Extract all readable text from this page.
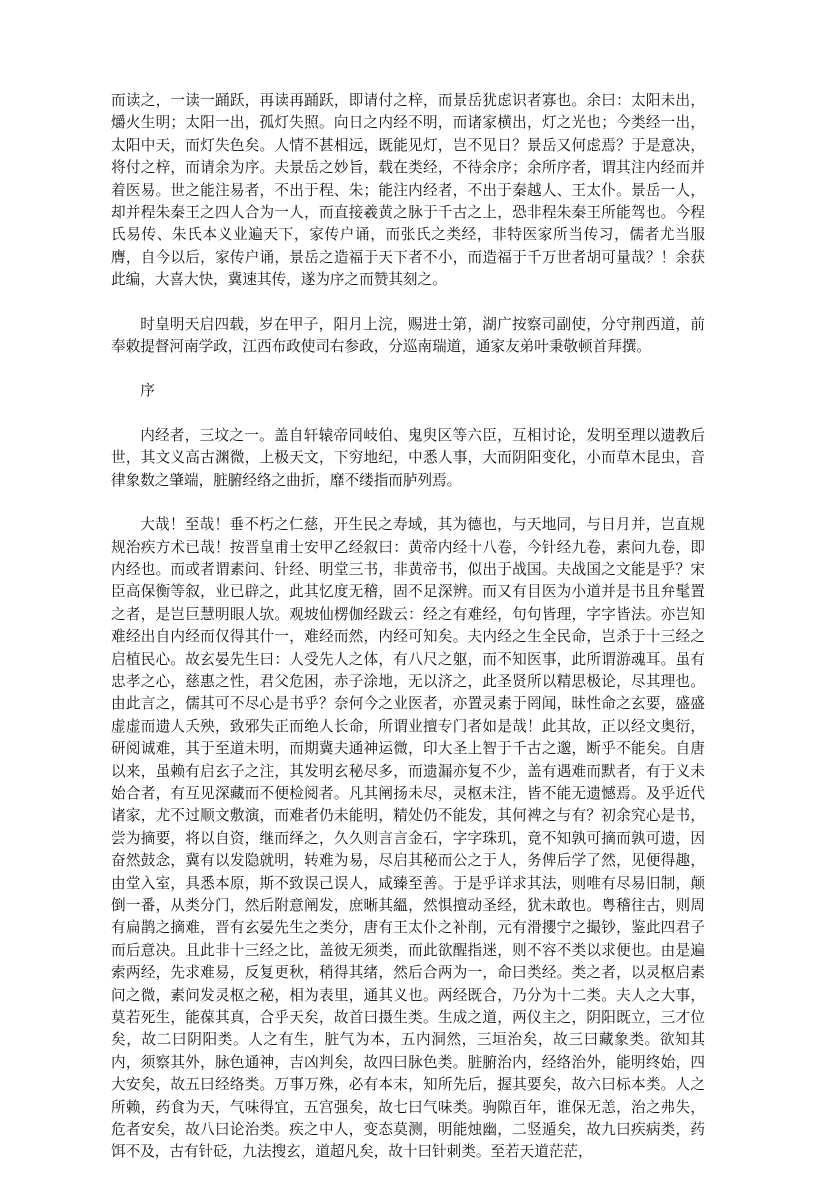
而读之，一读一踊跃，再读再踊跃，即请付之梓，而景岳犹虑识者寡也。余曰：太阳未出，爝火生明；太阳一出，孤灯失照。向日之内经不明，而诸家横出，灯之光也；今类经一出，太阳中天，而灯失色矣。人情不甚相远，既能见灯，岂不见日？景岳又何虑焉？于是意决，将付之梓，而请余为序。夫景岳之妙旨，载在类经，不待余序；余所序者，谓其注内经而并着医易。世之能注易者，不出于程、朱；能注内经者，不出于秦越人、王太仆。景岳一人，却并程朱秦王之四人合为一人，而直接羲黄之脉于千古之上，恐非程朱秦王所能驾也。今程氏易传、朱氏本义业遍天下，家传户诵，而张氏之类经，非特医家所当传习，儒者尤当服膺，自今以后，家传户诵，景岳之造福于天下者不小，而造福于千万世者胡可量哉？！余获此编，大喜大快，冀速其传，遂为序之而赞其刻之。

时皇明天启四载，岁在甲子，阳月上浣，赐进士第，湖广按察司副使，分守荆西道，前奉敕提督河南学政，江西布政使司右参政，分巡南瑞道，通家友弟叶秉敬顿首拜撰。

序

内经者，三坟之一。盖自轩辕帝同岐伯、鬼臾区等六臣，互相讨论，发明至理以遗教后世，其文义高古渊微，上极天文，下穷地纪，中悉人事，大而阴阳变化，小而草木昆虫，音律象数之肇端，脏腑经络之曲折，靡不缕指而胪列焉。

大哉！至哉！垂不朽之仁慈，开生民之寿域，其为德也，与天地同，与日月并，岂直规规治疾方术已哉！按晋皇甫士安甲乙经叙曰：黄帝内经十八卷，今针经九卷，素问九卷，即内经也。而或者谓素问、针经、明堂三书，非黄帝书，似出于战国。夫战国之文能是乎？宋臣高保衡等叙，业已辟之，此其忆度无稽，固不足深辨。而又有目医为小道并是书且弁髦置之者，是岂巨慧明眼人欤。观坡仙楞伽经跋云：经之有难经，句句皆理，字字皆法。亦岂知难经出自内经而仅得其什一，难经而然，内经可知矣。夫内经之生全民命，岂杀于十三经之启植民心。故玄晏先生曰：人受先人之体，有八尺之躯，而不知医事，此所谓游魂耳。虽有忠孝之心，慈惠之性，君父危困，赤子涂地，无以济之，此圣贤所以精思极论，尽其理也。由此言之，儒其可不尽心是书乎？奈何今之业医者，亦置灵素于罔闻，昧性命之玄要，盛盛虚虚而遗人夭殃，致邪失正而绝人长命，所谓业擅专门者如是哉！此其故，正以经文奥衍，研阅诚难，其于至道未明，而期冀夫通神运微，印大圣上智于千古之邈，断乎不能矣。自唐以来，虽赖有启玄子之注，其发明玄秘尽多，而遗漏亦复不少，盖有遇难而默者，有于义未始合者，有互见深藏而不便检阅者。凡其阐扬未尽，灵枢未注，皆不能无遗憾焉。及乎近代诸家，尤不过顺文敷演，而难者仍未能明，精处仍不能发，其何裨之与有？初余究心是书，尝为摘要，将以自资，继而绎之，久久则言言金石，字字珠玑，竟不知孰可摘而孰可遗，因奋然鼓念，冀有以发隐就明，转难为易，尽启其秘而公之于人，务俾后学了然，见便得趣，由堂入室，具悉本原，斯不致误己误人，咸臻至善。于是乎详求其法，则唯有尽易旧制，颠倒一番，从类分门，然后附意阐发，庶晰其縕，然惧擅动圣经，犹未敢也。粤稽往古，则周有扁鹊之摘难，晋有玄晏先生之类分，唐有王太仆之补削，元有滑攖宁之撮钞，鉴此四君子而后意决。且此非十三经之比，盖彼无须类，而此欲醒指迷，则不容不类以求便也。由是遍索两经，先求难易，反复更秋，稍得其绪，然后合两为一，命曰类经。类之者，以灵枢启素问之微，素问发灵枢之秘，相为表里，通其义也。两经既合，乃分为十二类。夫人之大事，莫若死生，能葆其真，合乎天矣，故首曰摄生类。生成之道，两仪主之，阴阳既立，三才位矣，故二曰阴阳类。人之有生，脏气为本，五内洞然，三垣治矣，故三曰藏象类。欲知其内，须察其外，脉色通神，吉凶判矣，故四曰脉色类。脏腑治内，经络治外，能明终始，四大安矣，故五曰经络类。万事万殊，必有本末，知所先后，握其要矣，故六曰标本类。人之所赖，药食为天，气味得宜，五宫强矣，故七曰气味类。驹隙百年，谁保无恙，治之弗失，危者安矣，故八曰论治类。疾之中人，变态莫测，明能烛幽，二竖遁矣，故九曰疾病类，药饵不及，古有针砭，九法搜玄，道超凡矣，故十曰针刺类。至若天道茫茫，
